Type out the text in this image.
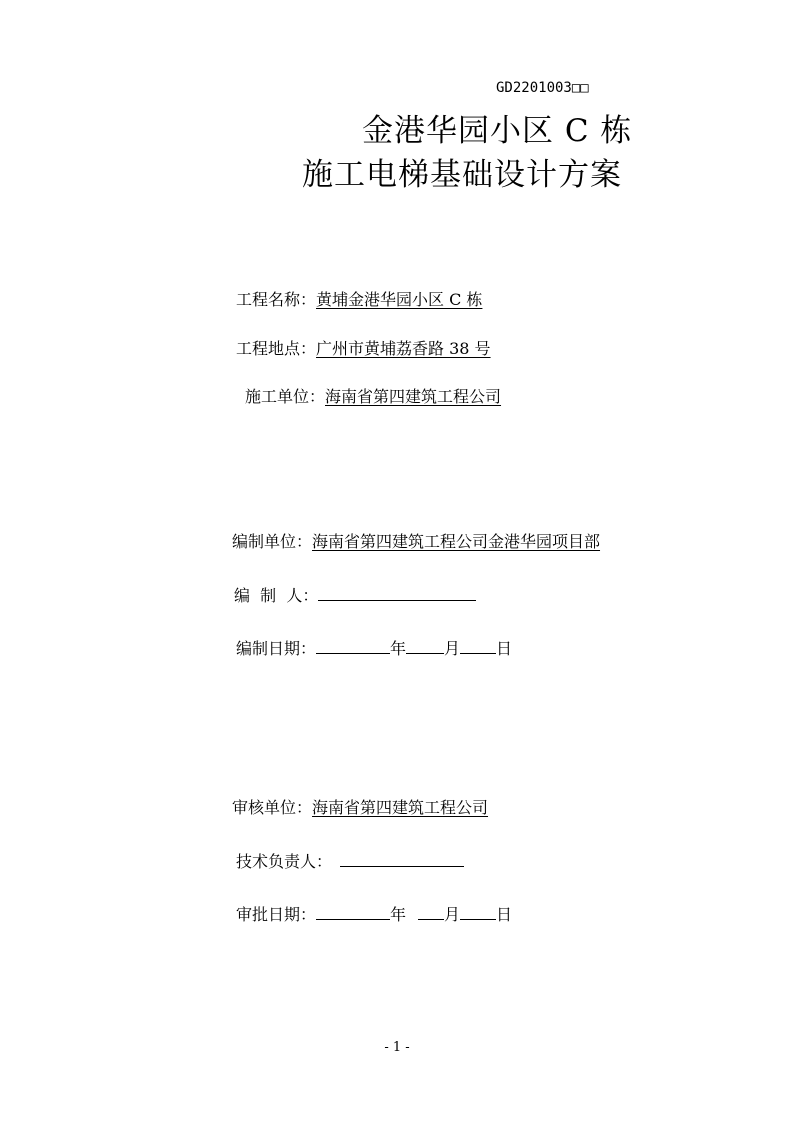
GD2201003□□
金港华园小区 C 栋
施工电梯基础设计方案
工程名称：黄埔金港华园小区 C 栋
工程地点：广州市黄埔荔香路 38 号
施工单位：海南省第四建筑工程公司
编制单位：海南省第四建筑工程公司金港华园项目部
编  制  人：
编制日期：	年 月 日
审核单位：海南省第四建筑工程公司
技术负责人：
审批日期：	年 月 日
- 1 -
